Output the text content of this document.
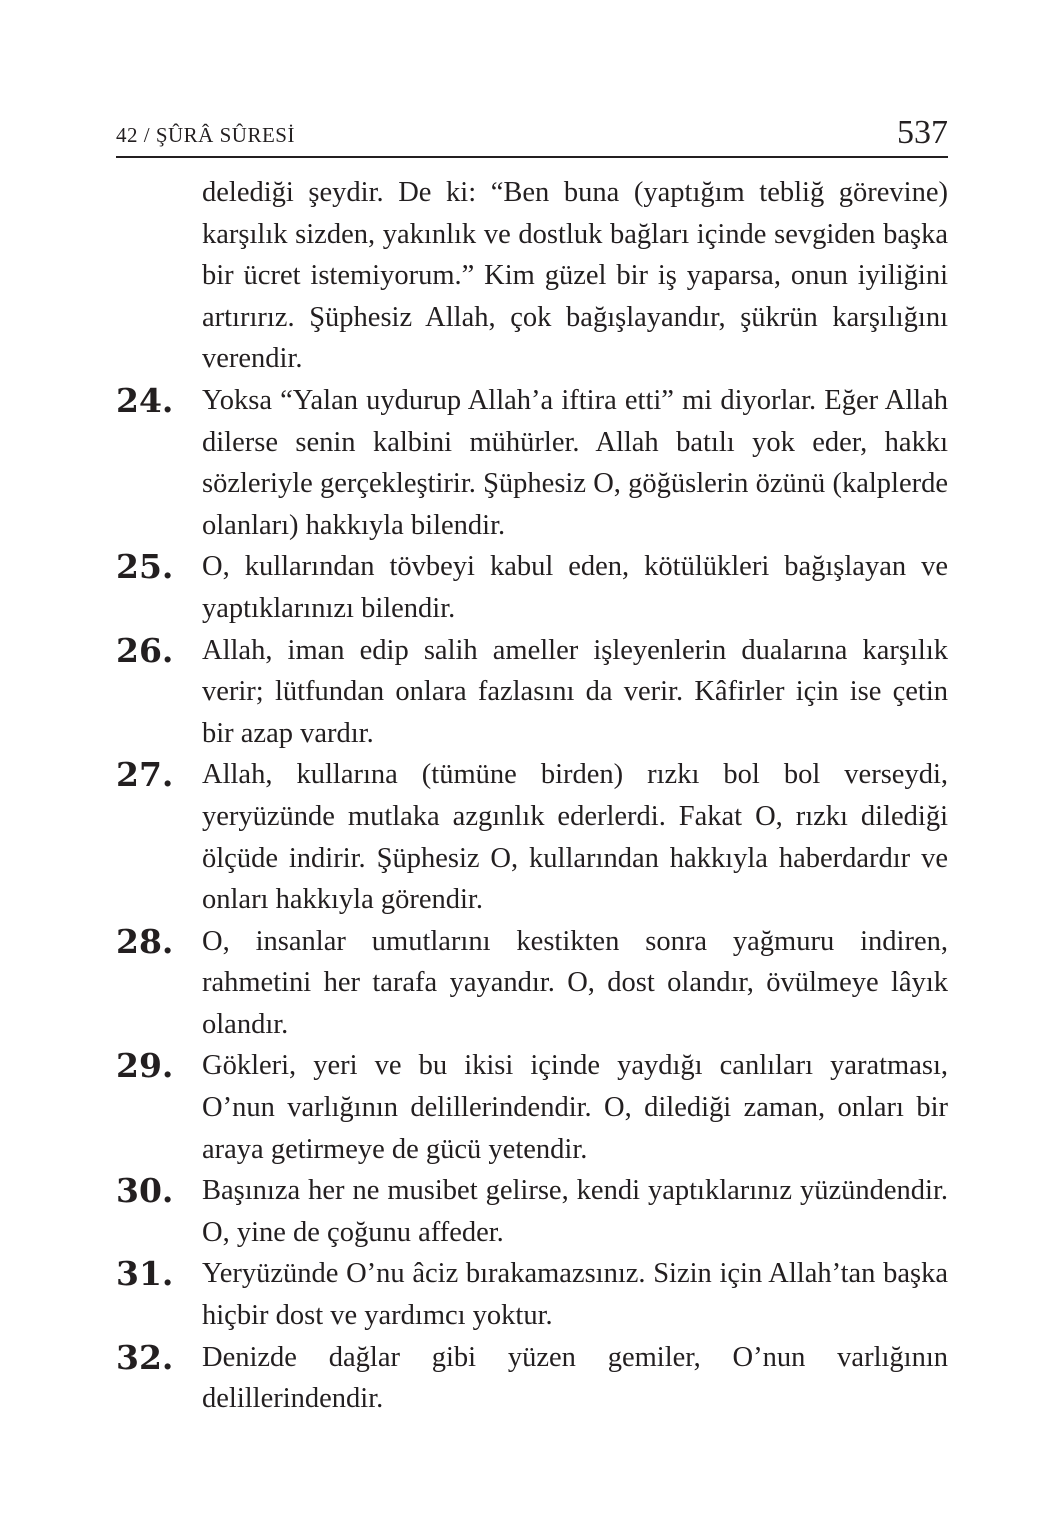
42 / ŞÛRÂ SÛRESİ	537
delediği şeydir. De ki: “Ben buna (yaptığım tebliğ görevine) karşılık sizden, yakınlık ve dostluk bağları içinde sevgiden başka bir ücret istemiyorum.” Kim güzel bir iş yaparsa, onun iyiliğini artırırız. Şüphesiz Allah, çok bağışlayandır, şükrün karşılığını verendir.
24. Yoksa “Yalan uydurup Allah’a iftira etti” mi diyorlar. Eğer Allah dilerse senin kalbini mühürler. Allah batılı yok eder, hakkı sözleriyle gerçekleştirir. Şüphesiz O, göğüslerin özünü (kalplerde olanları) hakkıyla bilendir.
25. O, kullarından tövbeyi kabul eden, kötülükleri bağışlayan ve yaptıklarınızı bilendir.
26. Allah, iman edip salih ameller işleyenlerin dualarına karşılık verir; lütfundan onlara fazlasını da verir. Kâfirler için ise çetin bir azap vardır.
27. Allah, kullarına (tümüne birden) rızkı bol bol verseydi, yeryüzünde mutlaka azgınlık ederlerdi. Fakat O, rızkı dilediği ölçüde indirir. Şüphesiz O, kullarından hakkıyla haberdardır ve onları hakkıyla görendir.
28. O, insanlar umutlarını kestikten sonra yağmuru indiren, rahmetini her tarafa yayandır. O, dost olandır, övülmeye lâyık olandır.
29. Gökleri, yeri ve bu ikisi içinde yaydığı canlıları yaratması, O’nun varlığının delillerindendir. O, dilediği zaman, onları bir araya getirmeye de gücü yetendir.
30. Başınıza her ne musibet gelirse, kendi yaptıklarınız yüzündendir. O, yine de çoğunu affeder.
31. Yeryüzünde O’nu âciz bırakamazsınız. Sizin için Allah’tan başka hiçbir dost ve yardımcı yoktur.
32. Denizde dağlar gibi yüzen gemiler, O’nun varlığının delillerindendir.
